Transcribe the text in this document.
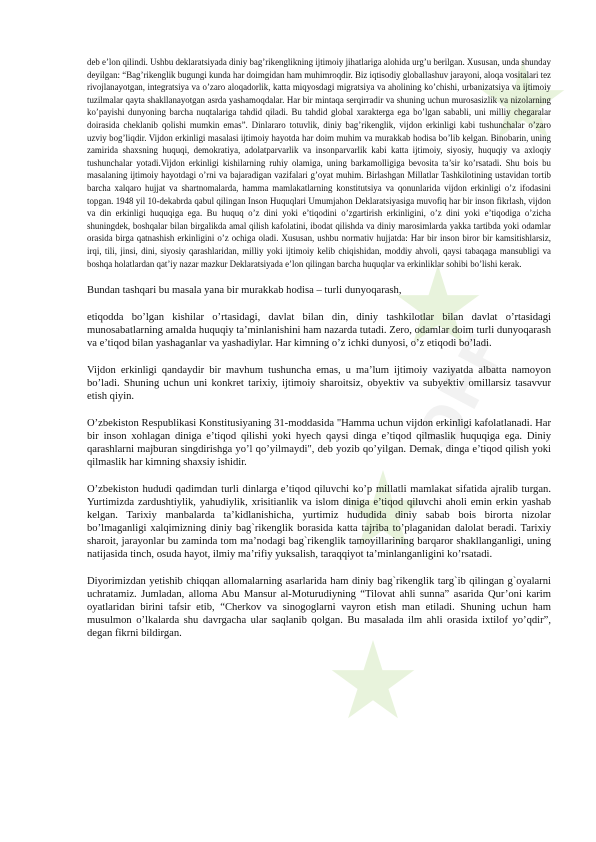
OFF

deb e’lon qilindi. Ushbu deklaratsiyada diniy bag’rikenglikning ijtimoiy jihatlariga alohida urg’u berilgan. Xususan, unda shunday deyilgan: “Bag’rikenglik bugungi kunda har doimgidan ham muhimroqdir. Biz iqtisodiy globallashuv jarayoni, aloqa vositalari tez rivojlanayotgan, integratsiya va o’zaro aloqadorlik, katta miqyosdagi migratsiya va aholining ko’chishi, urbanizatsiya va ijtimoiy tuzilmalar qayta shakllanayotgan asrda yashamoqdalar. Har bir mintaqa serqirradir va shuning uchun murosasizlik va nizolarning ko’payishi dunyoning barcha nuqtalariga tahdid qiladi. Bu tahdid global xarakterga ega bo’lgan sababli, uni milliy chegaralar doirasida cheklanib qolishi mumkin emas”. Dinlararo totuvlik, diniy bag’rikenglik, vijdon erkinligi kabi tushunchalar o’zaro uzviy bog’liqdir. Vijdon erkinligi masalasi ijtimoiy hayotda har doim muhim va murakkab hodisa bo’lib kelgan. Binobarin, uning zamirida shaxsning huquqi, demokratiya, adolatparvarlik va insonparvarlik kabi katta ijtimoiy, siyosiy, huquqiy va axloqiy tushunchalar yotadi.Vijdon erkinligi kishilarning ruhiy olamiga, uning barkamolligiga bevosita ta’sir ko’rsatadi. Shu bois bu masalaning ijtimoiy hayotdagi o’rni va bajaradigan vazifalari g’oyat muhim. Birlashgan Millatlar Tashkilotining ustavidan tortib barcha xalqaro hujjat va shartnomalarda, hamma mamlakatlarning konstitutsiya va qonunlarida vijdon erkinligi o’z ifodasini topgan. 1948 yil 10-dekabrda qabul qilingan Inson Huquqlari Umumjahon Deklaratsiyasiga muvofiq har bir inson fikrlash, vijdon va din erkinligi huquqiga ega. Bu huquq o’z dini yoki e’tiqodini o’zgartirish erkinligini, o’z dini yoki e’tiqodiga o’zicha shuningdek, boshqalar bilan birgalikda amal qilish kafolatini, ibodat qilishda va diniy marosimlarda yakka tartibda yoki odamlar orasida birga qatnashish erkinligini o’z ochiga oladi. Xususan, ushbu normativ hujjatda: Har bir inson biror bir kamsitishlarsiz, irqi, tili, jinsi, dini, siyosiy qarashlaridan, milliy yoki ijtimoiy kelib chiqishidan, moddiy ahvoli, qaysi tabaqaga mansubligi va boshqa holatlardan qat’iy nazar mazkur Deklaratsiyada e’lon qilingan barcha huquqlar va erkinliklar sohibi bo’lishi kerak.

Bundan tashqari bu masala yana bir murakkab hodisa – turli dunyoqarash,

etiqodda bo’lgan kishilar o’rtasidagi, davlat bilan din, diniy tashkilotlar bilan davlat o’rtasidagi munosabatlarning amalda huquqiy ta’minlanishini ham nazarda tutadi. Zero, odamlar doim turli dunyoqarash va e’tiqod bilan yashaganlar va yashadiylar. Har kimning o’z ichki dunyosi, o’z etiqodi bo’ladi.

Vijdon erkinligi qandaydir bir mavhum tushuncha emas, u ma’lum ijtimoiy vaziyatda albatta namoyon bo’ladi. Shuning uchun uni konkret tarixiy, ijtimoiy sharoitsiz, obyektiv va subyektiv omillarsiz tasavvur etish qiyin.

O’zbekiston Respublikasi Konstitusiyaning 31-moddasida "Hamma uchun vijdon erkinligi kafolatlanadi. Har bir inson xohlagan diniga e’tiqod qilishi yoki hyech qaysi dinga e’tiqod qilmaslik huquqiga ega. Diniy qarashlarni majburan singdirishga yo’l qo’yilmaydi", deb yozib qo’yilgan. Demak, dinga e’tiqod qilish yoki qilmaslik har kimning shaxsiy ishidir.

O’zbekiston hududi qadimdan turli dinlarga e’tiqod qiluvchi ko’p millatli mamlakat sifatida ajralib turgan. Yurtimizda zardushtiylik, yahudiylik, xrisitianlik va islom diniga e’tiqod qiluvchi aholi emin erkin yashab kelgan. Tarixiy manbalarda ta’kidlanishicha, yurtimiz hududida diniy sabab bois birorta nizolar bo’lmaganligi xalqimizning diniy bag`rikenglik borasida katta tajriba to’plaganidan dalolat beradi. Tarixiy sharoit, jarayonlar bu zaminda tom ma’nodagi bag`rikenglik tamoyillarining barqaror shakllanganligi, uning natijasida tinch, osuda hayot, ilmiy ma’rifiy yuksalish, taraqqiyot ta’minlanganligini ko’rsatadi.

Diyorimizdan yetishib chiqqan allomalarning asarlarida ham diniy bag`rikenglik targ`ib qilingan g`oyalarni uchratamiz. Jumladan, alloma Abu Mansur al-Moturudiyning “Tilovat ahli sunna” asarida Qur’oni karim oyatlaridan birini tafsir etib, “Cherkov va sinogoglarni vayron etish man etiladi. Shuning uchun ham musulmon o’lkalarda shu davrgacha ular saqlanib qolgan. Bu masalada ilm ahli orasida ixtilof yo’qdir”, degan fikrni bildirgan.
